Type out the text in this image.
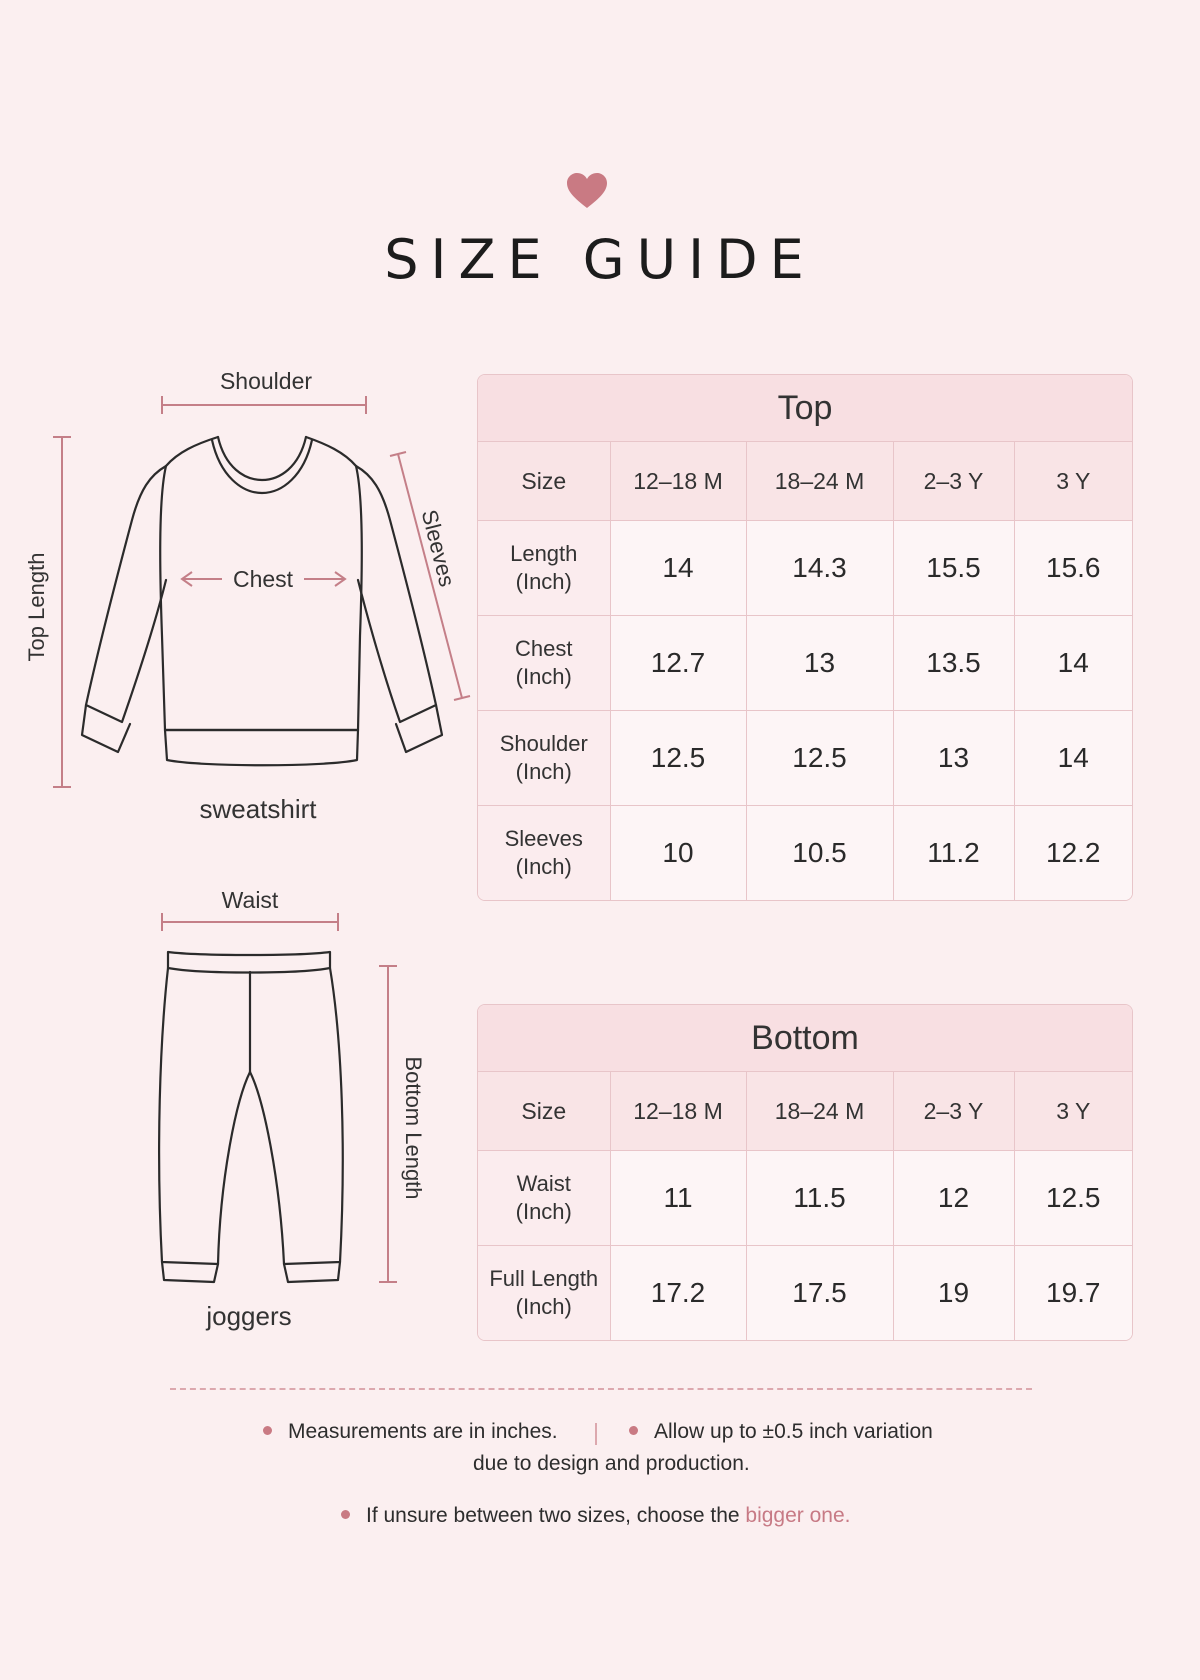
SIZE GUIDE
Shoulder
Top Length
Sleeves
Chest
sweatshirt
Waist
Bottom Length
joggers
Top
Size	12–18 M	18–24 M	2–3 Y	3 Y
Length
(Inch)	14	14.3	15.5	15.6
Chest
(Inch)	12.7	13	13.5	14
Shoulder
(Inch)	12.5	12.5	13	14
Sleeves
(Inch)	10	10.5	11.2	12.2
Bottom
Size	12–18 M	18–24 M	2–3 Y	3 Y
Waist
(Inch)	11	11.5	12	12.5
Full Length
(Inch)	17.2	17.5	19	19.7
Measurements are in inches.	Allow up to ±0.5 inch variation
due to design and production.
If unsure between two sizes, choose the bigger one.
